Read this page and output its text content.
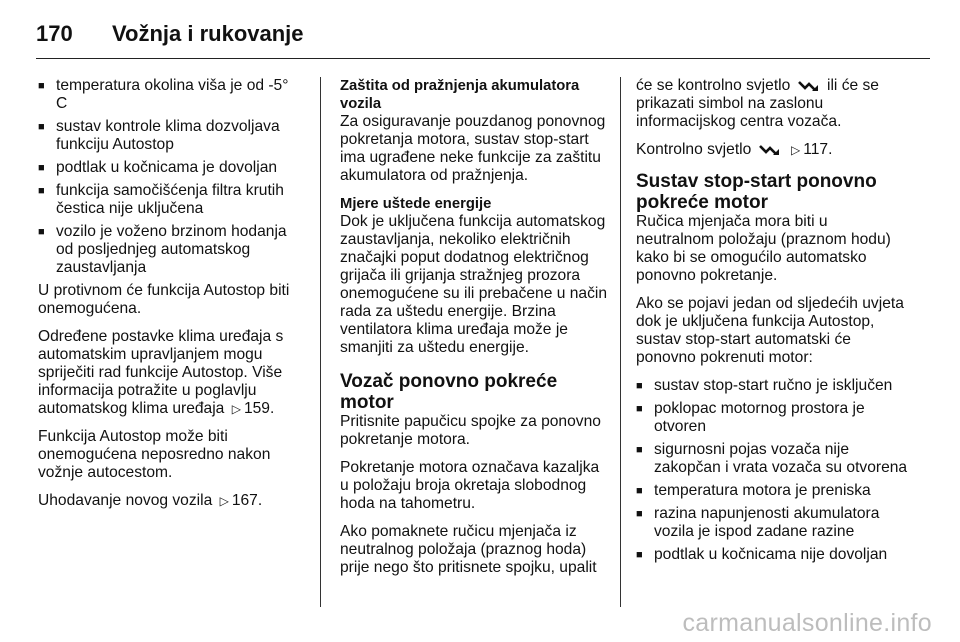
170	Vožnja i rukovanje
■ temperatura okolina viša je od -5° C
■ sustav kontrole klima dozvoljava funkciju Autostop
■ podtlak u kočnicama je dovoljan
■ funkcija samočišćenja filtra krutih čestica nije uključena
■ vozilo je voženo brzinom hodanja od posljednjeg automatskog zaustavljanja

U protivnom će funkcija Autostop biti onemogućena.

Određene postavke klima uređaja s automatskim upravljanjem mogu spriječiti rad funkcije Autostop. Više informacija potražite u poglavlju automatskog klima uređaja ▷ 159.

Funkcija Autostop može biti onemogućena neposredno nakon vožnje autocestom.

Uhodavanje novog vozila ▷ 167.

Zaštita od pražnjenja akumulatora vozila

Za osiguravanje pouzdanog ponovnog pokretanja motora, sustav stop-start ima ugrađene neke funkcije za zaštitu akumulatora od pražnjenja.

Mjere uštede energije

Dok je uključena funkcija automatskog zaustavljanja, nekoliko električnih značajki poput dodatnog električnog grijača ili grijanja stražnjeg prozora onemogućene su ili prebačene u način rada za uštedu energije. Brzina ventilatora klima uređaja može je smanjiti za uštedu energije.

Vozač ponovno pokreće motor

Pritisnite papučicu spojke za ponovno pokretanje motora.

Pokretanje motora označava kazaljka u položaju broja okretaja slobodnog hoda na tahometru.

Ako pomaknete ručicu mjenjača iz neutralnog položaja (praznog hoda) prije nego što pritisnete spojku, upalit

će se kontrolno svjetlo ili će se prikazati simbol na zaslonu informacijskog centra vozača.

Kontrolno svjetlo	▷ 117.

Sustav stop-start ponovno pokreće motor

Ručica mjenjača mora biti u neutralnom položaju (praznom hodu) kako bi se omogućilo automatsko ponovno pokretanje.

Ako se pojavi jedan od sljedećih uvjeta dok je uključena funkcija Autostop, sustav stop-start automatski će ponovno pokrenuti motor:

■ sustav stop-start ručno je isključen
■ poklopac motornog prostora je otvoren
■ sigurnosni pojas vozača nije zakopčan i vrata vozača su otvorena
■ temperatura motora je preniska
■ razina napunjenosti akumulatora vozila je ispod zadane razine
■ podtlak u kočnicama nije dovoljan
carmanualsonline.info
